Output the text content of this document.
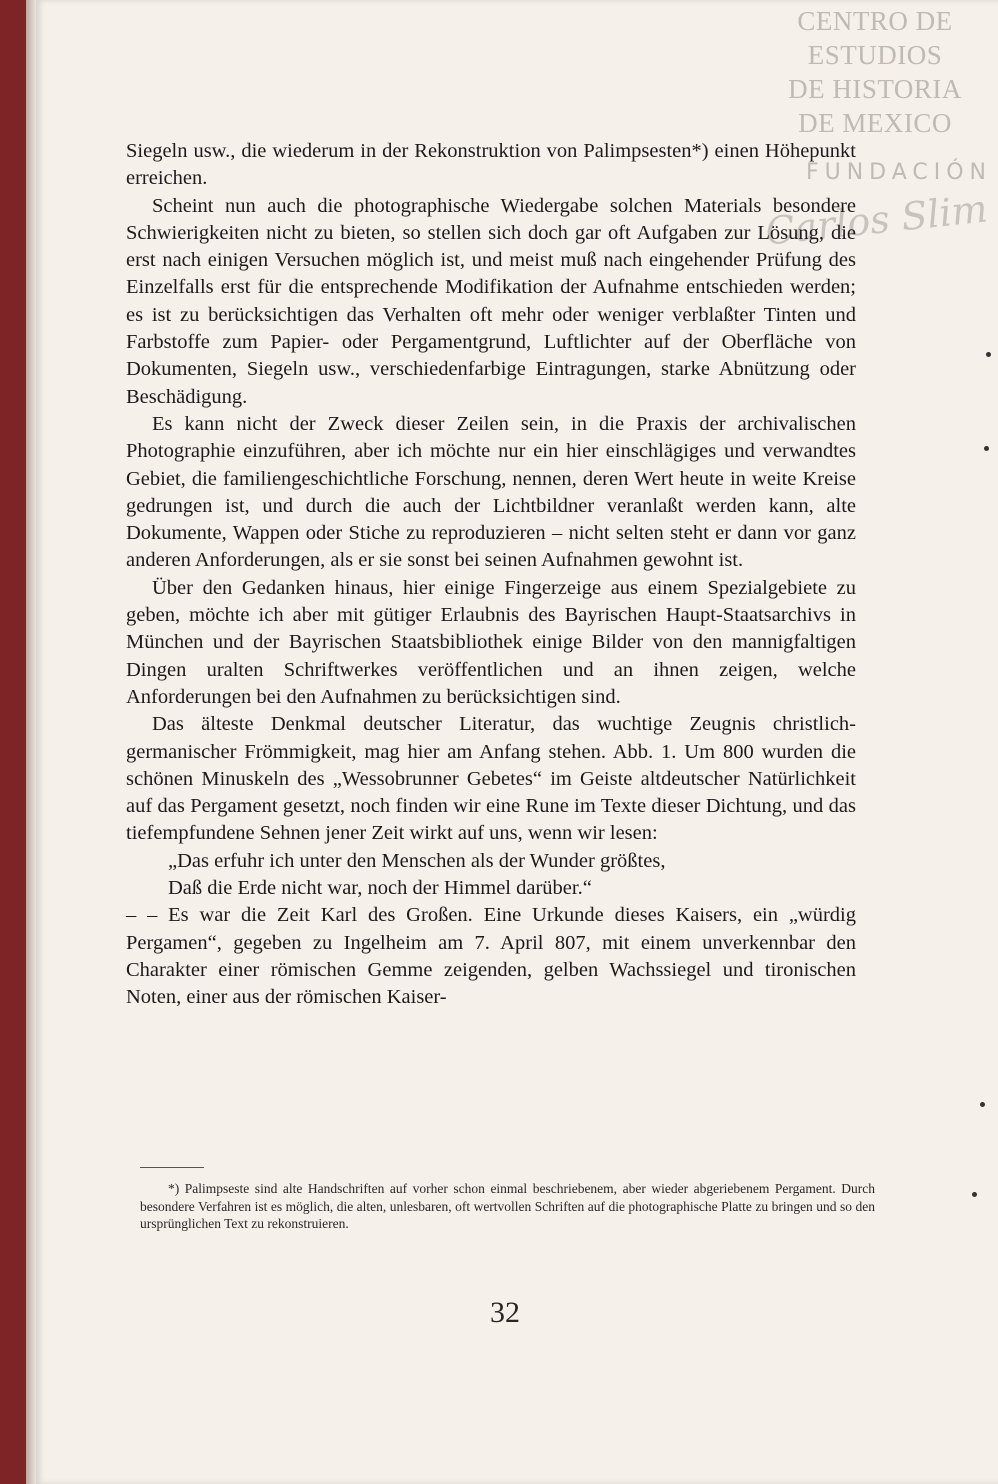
CENTRO DE
ESTUDIOS
DE HISTORIA
DE MEXICO
FUNDACIÓN
Carlos Slim

Siegeln usw., die wiederum in der Rekonstruktion von Palimpsesten*) einen Höhepunkt erreichen.

Scheint nun auch die photographische Wiedergabe solchen Materials besondere Schwierigkeiten nicht zu bieten, so stellen sich doch gar oft Aufgaben zur Lösung, die erst nach einigen Versuchen möglich ist, und meist muß nach eingehender Prüfung des Einzelfalls erst für die entsprechende Modifikation der Aufnahme entschieden werden; es ist zu berücksichtigen das Verhalten oft mehr oder weniger verblaßter Tinten und Farbstoffe zum Papier- oder Pergamentgrund, Luftlichter auf der Oberfläche von Dokumenten, Siegeln usw., verschiedenfarbige Eintragungen, starke Abnützung oder Beschädigung.

Es kann nicht der Zweck dieser Zeilen sein, in die Praxis der archivalischen Photographie einzuführen, aber ich möchte nur ein hier einschlägiges und verwandtes Gebiet, die familiengeschichtliche Forschung, nennen, deren Wert heute in weite Kreise gedrungen ist, und durch die auch der Lichtbildner veranlaßt werden kann, alte Dokumente, Wappen oder Stiche zu reproduzieren – nicht selten steht er dann vor ganz anderen Anforderungen, als er sie sonst bei seinen Aufnahmen gewohnt ist.

Über den Gedanken hinaus, hier einige Fingerzeige aus einem Spezialgebiete zu geben, möchte ich aber mit gütiger Erlaubnis des Bayrischen Haupt-Staatsarchivs in München und der Bayrischen Staatsbibliothek einige Bilder von den mannigfaltigen Dingen uralten Schriftwerkes veröffentlichen und an ihnen zeigen, welche Anforderungen bei den Aufnahmen zu berücksichtigen sind.

Das älteste Denkmal deutscher Literatur, das wuchtige Zeugnis christlich-germanischer Frömmigkeit, mag hier am Anfang stehen. Abb. 1. Um 800 wurden die schönen Minuskeln des „Wessobrunner Gebetes“ im Geiste altdeutscher Natürlichkeit auf das Pergament gesetzt, noch finden wir eine Rune im Texte dieser Dichtung, und das tiefempfundene Sehnen jener Zeit wirkt auf uns, wenn wir lesen:

„Das erfuhr ich unter den Menschen als der Wunder größtes,
Daß die Erde nicht war, noch der Himmel darüber.“

– – Es war die Zeit Karl des Großen. Eine Urkunde dieses Kaisers, ein „würdig Pergamen“, gegeben zu Ingelheim am 7. April 807, mit einem unverkennbar den Charakter einer römischen Gemme zeigenden, gelben Wachssiegel und tironischen Noten, einer aus der römischen Kaiser-

*) Palimpseste sind alte Handschriften auf vorher schon einmal beschriebenem, aber wieder abgeriebenem Pergament. Durch besondere Verfahren ist es möglich, die alten, unlesbaren, oft wertvollen Schriften auf die photographische Platte zu bringen und so den ursprünglichen Text zu rekonstruieren.

32
